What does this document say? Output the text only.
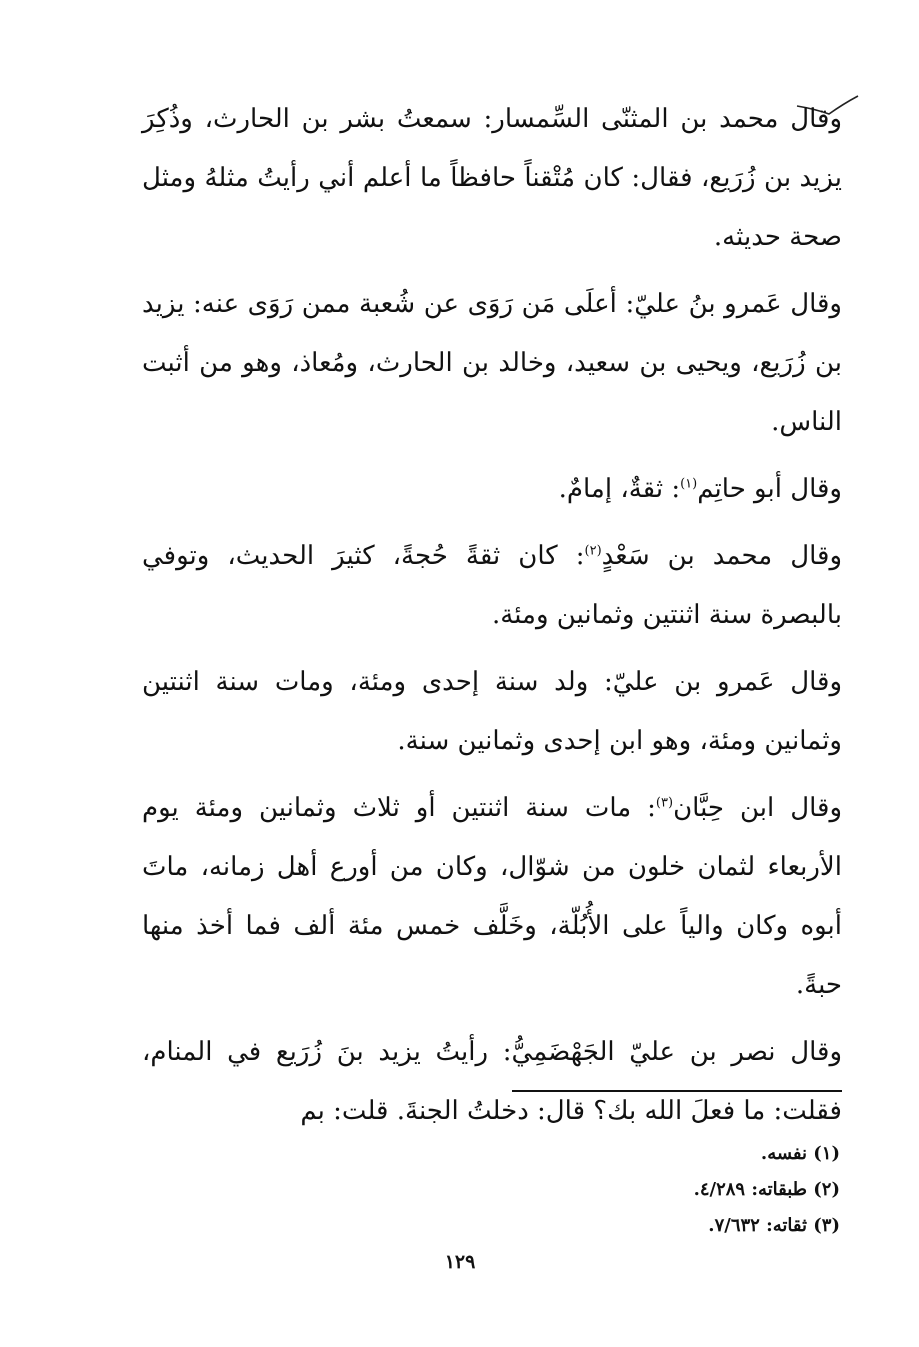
وقال محمد بن المثنّى السِّمسار: سمعتُ بشر بن الحارث، وذُكِرَ يزيد بن زُرَيع، فقال: كان مُتْقناً حافظاً ما أعلم أني رأيتُ مثلهُ ومثل صحة حديثه.

وقال عَمرو بنُ عليّ: أعلَى مَن رَوَى عن شُعبة ممن رَوَى عنه: يزيد بن زُرَيع، ويحيى بن سعيد، وخالد بن الحارث، ومُعاذ، وهو من أثبت الناس.

وقال أبو حاتِم$^{(١)}$: ثقةٌ، إمامٌ.

وقال محمد بن سَعْدٍ$^{(٢)}$: كان ثقةً حُجةً، كثيرَ الحديث، وتوفي بالبصرة سنة اثنتين وثمانين ومئة.

وقال عَمرو بن عليّ: ولد سنة إحدى ومئة، ومات سنة اثنتين وثمانين ومئة، وهو ابن إحدى وثمانين سنة.

وقال ابن حِبَّان$^{(٣)}$: مات سنة اثنتين أو ثلاث وثمانين ومئة يوم الأربعاء لثمان خلون من شوّال، وكان من أورع أهل زمانه، ماتَ أبوه وكان والياً على الأُبُلّة، وخَلَّف خمس مئة ألف فما أخذ منها حبةً.

وقال نصر بن عليّ الجَهْضَمِيُّ: رأيتُ يزيد بنَ زُرَيع في المنام، فقلت: ما فعلَ الله بك؟ قال: دخلتُ الجنةَ. قلت: بم

(١) نفسه.

(٢) طبقاته: ٤/٢٨٩.

(٣) ثقاته: ٧/٦٣٢.

١٢٩
